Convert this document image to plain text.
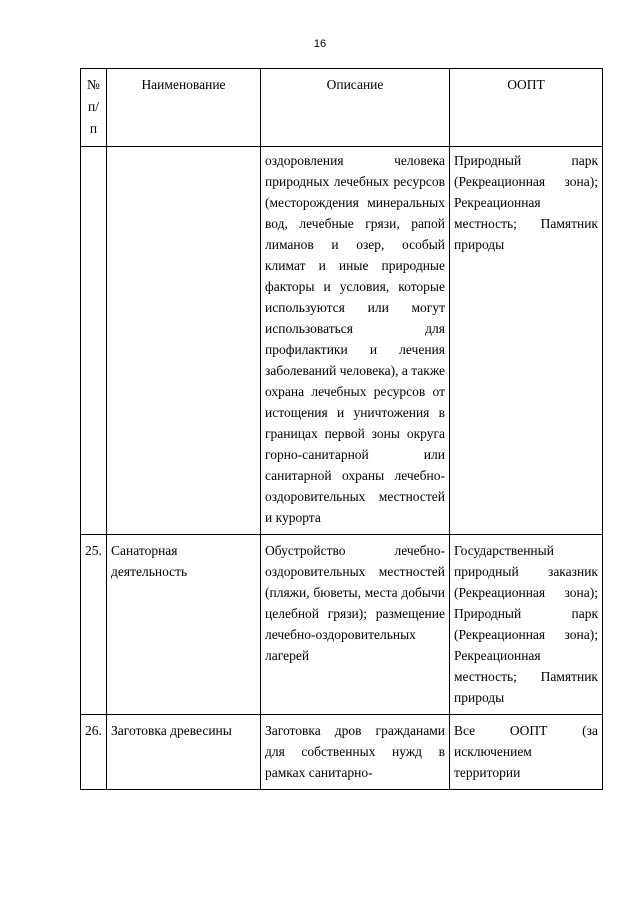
16
№ п/п	Наименование	Описание	ООПТ

		оздоровления человека природных лечебных ресурсов (месторождения минеральных вод, лечебные грязи, рапой лиманов и озер, особый климат и иные природные факторы и условия, которые используются или могут использоваться для профилактики и лечения заболеваний человека), а также охрана лечебных ресурсов от истощения и уничтожения в границах первой зоны округа горно-санитарной или санитарной охраны лечебно-оздоровительных местностей и курорта	Природный парк (Рекреационная зона); Рекреационная местность; Памятник природы

25.	Санаторная деятельность	Обустройство лечебно-оздоровительных местностей (пляжи, бюветы, места добычи целебной грязи); размещение лечебно-оздоровительных лагерей	Государственный природный заказник (Рекреационная зона); Природный парк (Рекреационная зона); Рекреационная местность; Памятник природы

26.	Заготовка древесины	Заготовка дров гражданами для собственных нужд в рамках санитарно-	Все ООПТ (за исключением территории
